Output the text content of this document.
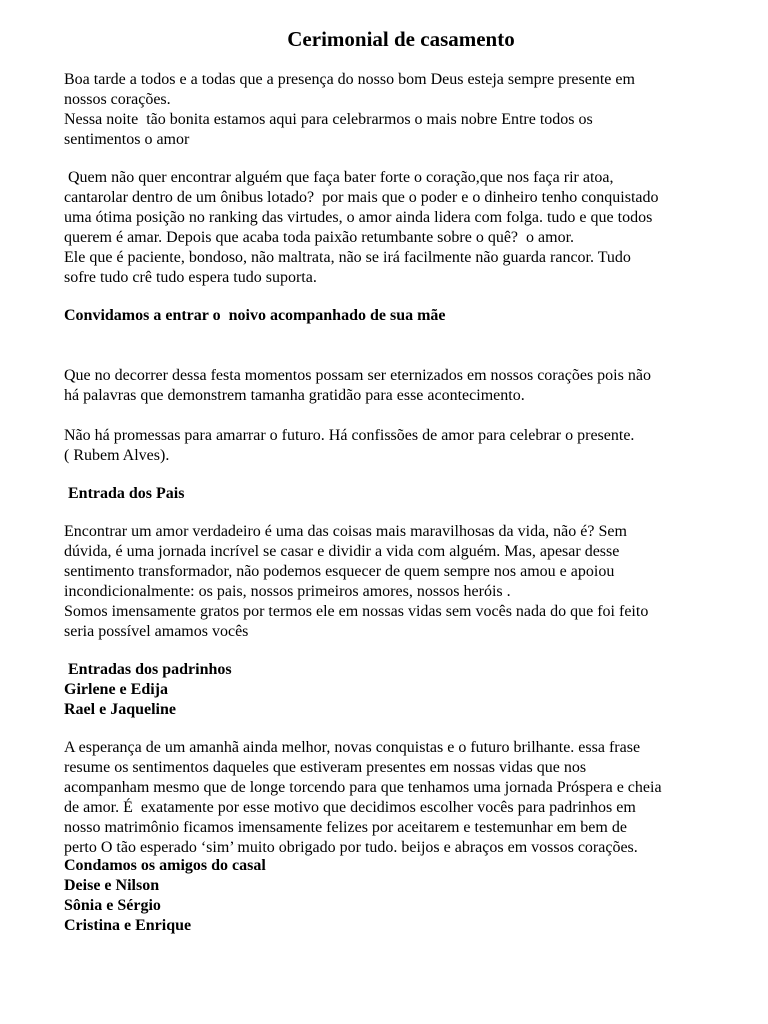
Cerimonial de casamento
Boa tarde a todos e a todas que a presença do nosso bom Deus esteja sempre presente em
nossos corações.
Nessa noite  tão bonita estamos aqui para celebrarmos o mais nobre Entre todos os
sentimentos o amor
Quem não quer encontrar alguém que faça bater forte o coração,que nos faça rir atoa,
cantarolar dentro de um ônibus lotado?  por mais que o poder e o dinheiro tenho conquistado
uma ótima posição no ranking das virtudes, o amor ainda lidera com folga. tudo e que todos
querem é amar. Depois que acaba toda paixão retumbante sobre o quê?  o amor.
Ele que é paciente, bondoso, não maltrata, não se irá facilmente não guarda rancor. Tudo
sofre tudo crê tudo espera tudo suporta.
Convidamos a entrar o  noivo acompanhado de sua mãe
Que no decorrer dessa festa momentos possam ser eternizados em nossos corações pois não
há palavras que demonstrem tamanha gratidão para esse acontecimento.
Não há promessas para amarrar o futuro. Há confissões de amor para celebrar o presente.
( Rubem Alves).
Entrada dos Pais
Encontrar um amor verdadeiro é uma das coisas mais maravilhosas da vida, não é? Sem
dúvida, é uma jornada incrível se casar e dividir a vida com alguém. Mas, apesar desse
sentimento transformador, não podemos esquecer de quem sempre nos amou e apoiou
incondicionalmente: os pais, nossos primeiros amores, nossos heróis .
Somos imensamente gratos por termos ele em nossas vidas sem vocês nada do que foi feito
seria possível amamos vocês
Entradas dos padrinhos
Girlene e Edija
Rael e Jaqueline
A esperança de um amanhã ainda melhor, novas conquistas e o futuro brilhante. essa frase
resume os sentimentos daqueles que estiveram presentes em nossas vidas que nos
acompanham mesmo que de longe torcendo para que tenhamos uma jornada Próspera e cheia
de amor. É  exatamente por esse motivo que decidimos escolher vocês para padrinhos em
nosso matrimônio ficamos imensamente felizes por aceitarem e testemunhar em bem de
perto O tão esperado ‘sim’ muito obrigado por tudo. beijos e abraços em vossos corações.
Condamos os amigos do casal
Deise e Nilson
Sônia e Sérgio
Cristina e Enrique
